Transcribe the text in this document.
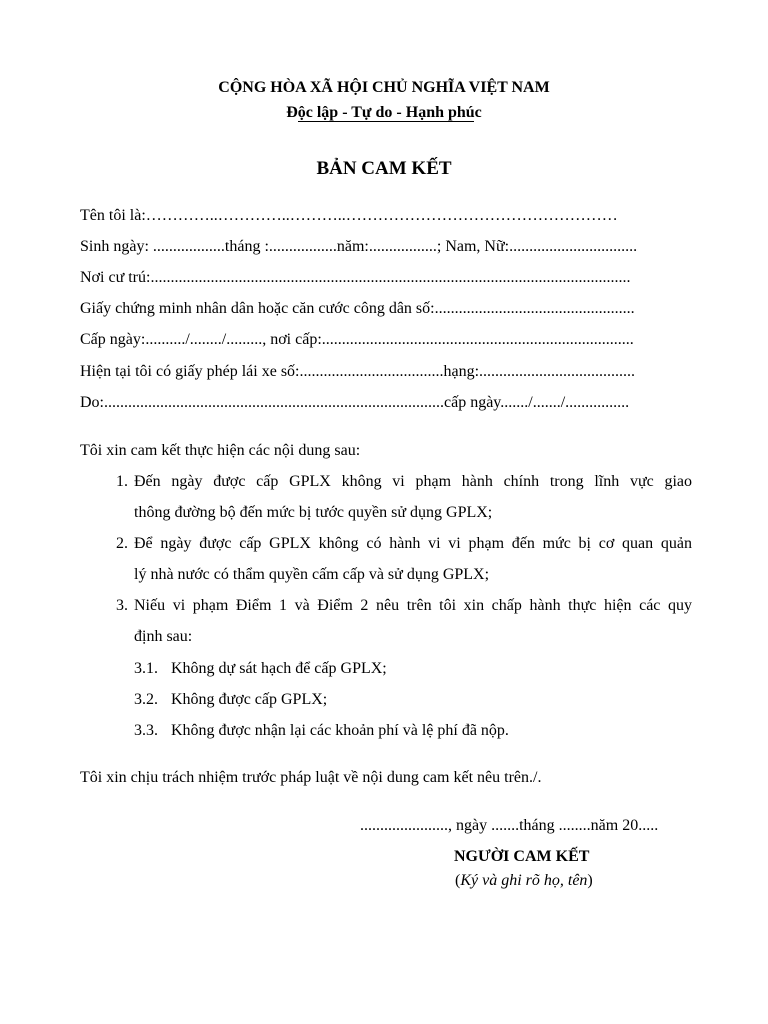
CỘNG HÒA XÃ HỘI CHỦ NGHĨA VIỆT NAM
Độc lập - Tự do - Hạnh phúc
BẢN CAM KẾT
Tên tôi là:…………..…………..………..……………………………………………
Sinh ngày: ..................tháng :.................năm:.................; Nam, Nữ:................................
Nơi cư trú:........................................................................................................................
Giấy chứng minh nhân dân hoặc căn cước công dân số:..................................................
Cấp ngày:........../......../........., nơi cấp:..............................................................................
Hiện tại tôi có giấy phép lái xe số:....................................hạng:.......................................
Do:.....................................................................................cấp ngày......./......./................
Tôi xin cam kết thực hiện các nội dung sau:
1. Đến ngày được cấp GPLX không vi phạm hành chính trong lĩnh vực giao
thông đường bộ đến mức bị tước quyền sử dụng GPLX;
2. Để ngày được cấp GPLX không có hành vi vi phạm đến mức bị cơ quan quản
lý nhà nước có thẩm quyền cấm cấp và sử dụng GPLX;
3. Niếu vi phạm Điểm 1 và Điểm 2 nêu trên tôi xin chấp hành thực hiện các quy
định sau:
3.1. Không dự sát hạch để cấp GPLX;
3.2. Không được cấp GPLX;
3.3. Không được nhận lại các khoản phí và lệ phí đã nộp.
Tôi xin chịu trách nhiệm trước pháp luật về nội dung cam kết nêu trên./.
......................, ngày .......tháng ........năm 20.....
NGƯỜI CAM KẾT
(Ký và ghi rõ họ, tên)
